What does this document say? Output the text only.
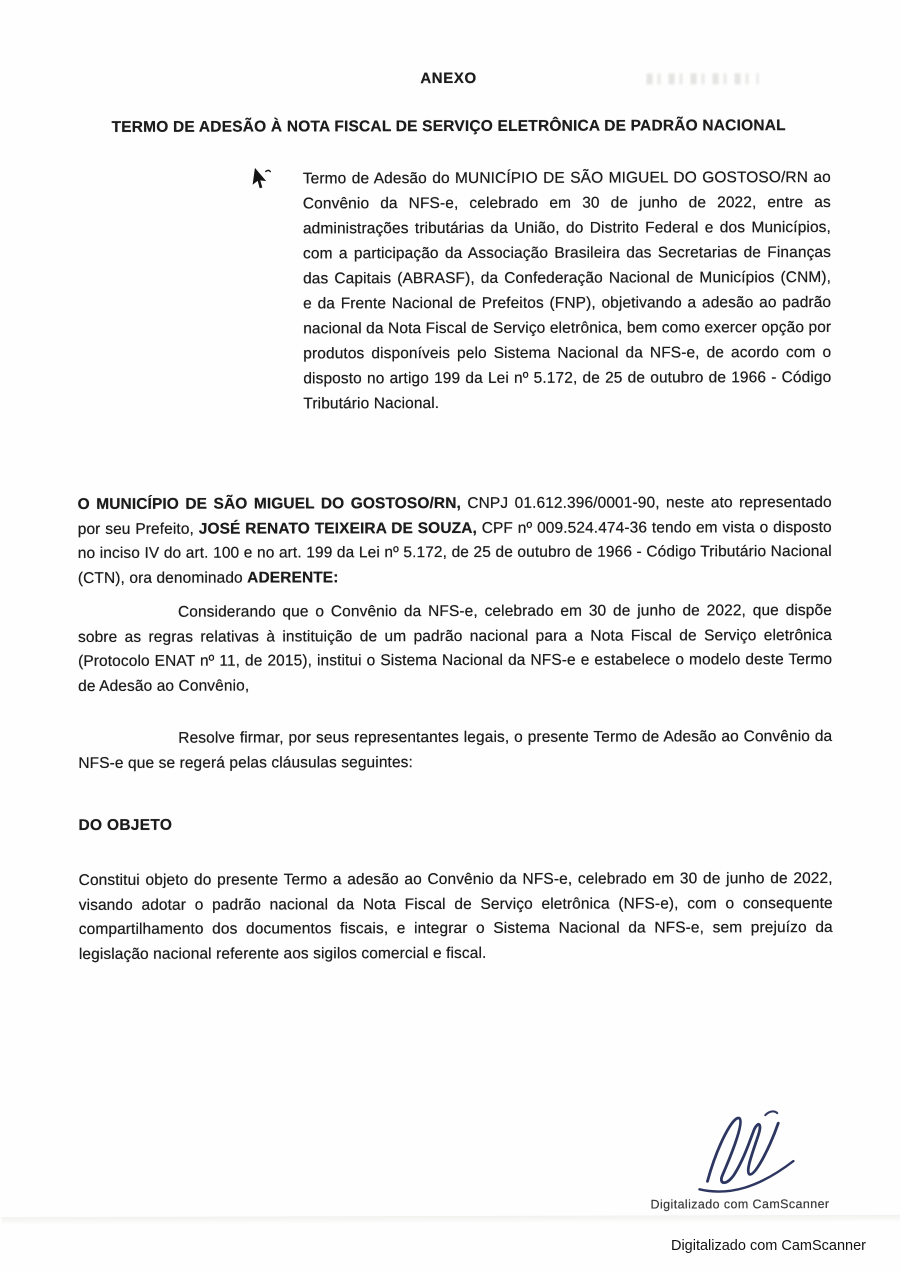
ANEXO
TERMO DE ADESÃO À NOTA FISCAL DE SERVIÇO ELETRÔNICA DE PADRÃO NACIONAL

Termo de Adesão do MUNICÍPIO DE SÃO MIGUEL DO GOSTOSO/RN ao Convênio da NFS-e, celebrado em 30 de junho de 2022, entre as administrações tributárias da União, do Distrito Federal e dos Municípios, com a participação da Associação Brasileira das Secretarias de Finanças das Capitais (ABRASF), da Confederação Nacional de Municípios (CNM), e da Frente Nacional de Prefeitos (FNP), objetivando a adesão ao padrão nacional da Nota Fiscal de Serviço eletrônica, bem como exercer opção por produtos disponíveis pelo Sistema Nacional da NFS-e, de acordo com o disposto no artigo 199 da Lei nº 5.172, de 25 de outubro de 1966 - Código Tributário Nacional.

O MUNICÍPIO DE SÃO MIGUEL DO GOSTOSO/RN, CNPJ 01.612.396/0001-90, neste ato representado por seu Prefeito, JOSÉ RENATO TEIXEIRA DE SOUZA, CPF nº 009.524.474-36 tendo em vista o disposto no inciso IV do art. 100 e no art. 199 da Lei nº 5.172, de 25 de outubro de 1966 - Código Tributário Nacional (CTN), ora denominado ADERENTE:

Considerando que o Convênio da NFS-e, celebrado em 30 de junho de 2022, que dispõe sobre as regras relativas à instituição de um padrão nacional para a Nota Fiscal de Serviço eletrônica (Protocolo ENAT nº 11, de 2015), institui o Sistema Nacional da NFS-e e estabelece o modelo deste Termo de Adesão ao Convênio,

Resolve firmar, por seus representantes legais, o presente Termo de Adesão ao Convênio da NFS-e que se regerá pelas cláusulas seguintes:

DO OBJETO

Constitui objeto do presente Termo a adesão ao Convênio da NFS-e, celebrado em 30 de junho de 2022, visando adotar o padrão nacional da Nota Fiscal de Serviço eletrônica (NFS-e), com o consequente compartilhamento dos documentos fiscais, e integrar o Sistema Nacional da NFS-e, sem prejuízo da legislação nacional referente aos sigilos comercial e fiscal.

Digitalizado com CamScanner
Digitalizado com CamScanner
